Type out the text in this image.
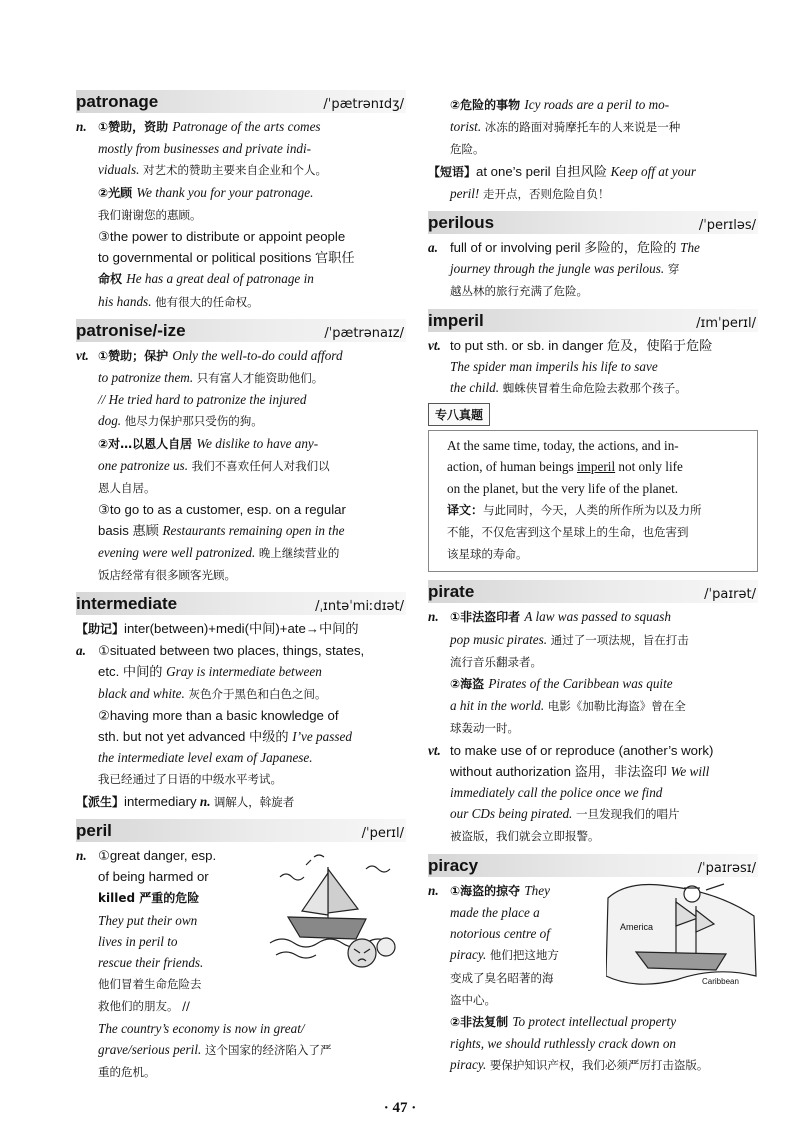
patronage	/ˈpætrənɪdʒ/
n. ①赞助，资助 Patronage of the arts comes
mostly from businesses and private indi-
viduals. 对艺术的赞助主要来自企业和个人。
②光顾 We thank you for your patronage.
我们谢谢您的惠顾。
③the power to distribute or appoint people
to governmental or political positions 官职任
命权 He has a great deal of patronage in
his hands. 他有很大的任命权。
patronise/-ize	/ˈpætrənaɪz/
vt. ①赞助；保护 Only the well-to-do could afford
to patronize them. 只有富人才能资助他们。
// He tried hard to patronize the injured
dog. 他尽力保护那只受伤的狗。
②对…以恩人自居 We dislike to have any-
one patronize us. 我们不喜欢任何人对我们以
恩人自居。
③to go to as a customer, esp. on a regular
basis 惠顾 Restaurants remaining open in the
evening were well patronized. 晚上继续营业的
饭店经常有很多顾客光顾。
intermediate	/ˌɪntəˈmiːdɪət/
【助记】inter(between)+medi(中间)+ate→中间的
a. ①situated between two places, things, states,
etc. 中间的 Gray is intermediate between
black and white. 灰色介于黑色和白色之间。
②having more than a basic knowledge of
sth. but not yet advanced 中级的 I’ve passed
the intermediate level exam of Japanese.
我已经通过了日语的中级水平考试。
【派生】intermediary n. 调解人，斡旋者
peril	/ˈperɪl/
n. ①great danger, esp.
of being harmed or
killed 严重的危险
They put their own
lives in peril to
rescue their friends.
他们冒着生命危险去
救他们的朋友。 //
The country’s economy is now in great/
grave/serious peril. 这个国家的经济陷入了严
重的危机。
②危险的事物 Icy roads are a peril to mo-
torist. 冰冻的路面对骑摩托车的人来说是一种
危险。
【短语】at one’s peril 自担风险 Keep off at your
peril! 走开点，否则危险自负！
perilous	/ˈperɪləs/
a. full of or involving peril 多险的，危险的 The
journey through the jungle was perilous. 穿
越丛林的旅行充满了危险。
imperil	/ɪmˈperɪl/
vt. to put sth. or sb. in danger 危及，使陷于危险
The spider man imperils his life to save
the child. 蜘蛛侠冒着生命危险去救那个孩子。
专八真题
At the same time, today, the actions, and in-
action, of human beings imperil not only life
on the planet, but the very life of the planet.
译文：与此同时，今天，人类的所作所为以及力所
不能，不仅危害到这个星球上的生命，也危害到
该星球的寿命。
pirate	/ˈpaɪrət/
n. ①非法盗印者 A law was passed to squash
pop music pirates. 通过了一项法规，旨在打击
流行音乐翻录者。
②海盗 Pirates of the Caribbean was quite
a hit in the world. 电影《加勒比海盗》曾在全
球轰动一时。
vt. to make use of or reproduce (another’s work)
without authorization 盗用，非法盗印 We will
immediately call the police once we find
our CDs being pirated. 一旦发现我们的唱片
被盗版，我们就会立即报警。
piracy	/ˈpaɪrəsɪ/
n. ①海盗的掠夺 They
made the place a
notorious centre of
piracy. 他们把这地方
变成了臭名昭著的海
盗中心。
②非法复制 To protect intellectual property
rights, we should ruthlessly crack down on
piracy. 要保护知识产权，我们必须严厉打击盗版。
America
Caribbean
· 47 ·
